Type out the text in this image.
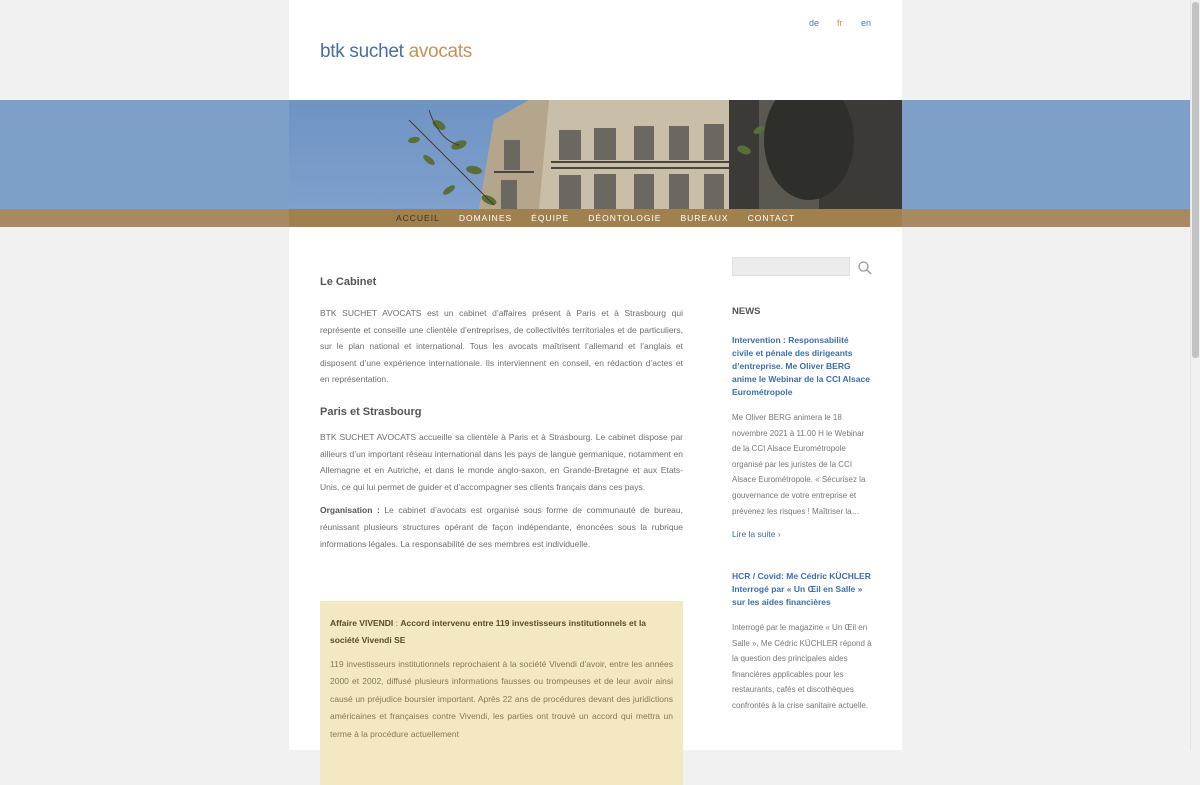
de fr en
btk suchet avocats
ACCUEIL DOMAINES ÉQUIPE DÉONTOLOGIE BUREAUX CONTACT
Le Cabinet

BTK SUCHET AVOCATS est un cabinet d’affaires présent à Paris et à Strasbourg qui représente et conseille une clientèle d’entreprises, de collectivités territoriales et de particuliers, sur le plan national et international. Tous les avocats maîtrisent l’allemand et l’anglais et disposent d’une expérience internationale. Ils interviennent en conseil, en rédaction d’actes et en représentation.

Paris et Strasbourg

BTK SUCHET AVOCATS accueille sa clientèle à Paris et à Strasbourg. Le cabinet dispose par ailleurs d’un important réseau international dans les pays de langue germanique, notamment en Allemagne et en Autriche, et dans le monde anglo-saxon, en Grande-Bretagne et aux Etats-Unis, ce qui lui permet de guider et d’accompagner ses clients français dans ces pays.

Organisation : Le cabinet d’avocats est organisé sous forme de communauté de bureau, réunissant plusieurs structures opérant de façon indépendante, énoncées sous la rubrique informations légales. La responsabilité de ses membres est individuelle.

Affaire VIVENDI : Accord intervenu entre 119 investisseurs institutionnels et la société Vivendi SE

119 investisseurs institutionnels reprochaient à la société Vivendi d’avoir, entre les années 2000 et 2002, diffusé plusieurs informations fausses ou trompeuses et de leur avoir ainsi causé un préjudice boursier important. Après 22 ans de procédures devant des juridictions américaines et françaises contre Vivendi, les parties ont trouvé un accord qui mettra un terme à la procédure actuellement

NEWS
Intervention : Responsabilité civile et pénale des dirigeants d’entreprise. Me Oliver BERG anime le Webinar de la CCI Alsace Eurométropole
Me Oliver BERG animera le 18 novembre 2021 à 11.00 H le Webinar de la CCI Alsace Eurométropole organisé par les juristes de la CCI Alsace Eurométropole. « Sécurisez la gouvernance de votre entreprise et prévenez les risques ! Maîtriser la…
Lire la suite ›
HCR / Covid: Me Cédric KÜCHLER Interrogé par « Un Œil en Salle » sur les aides financières
Interrogé par le magazine « Un Œil en Salle », Me Cédric KÜCHLER répond à la question des principales aides financières applicables pour les restaurants, cafés et discothèques confrontés à la crise sanitaire actuelle.
